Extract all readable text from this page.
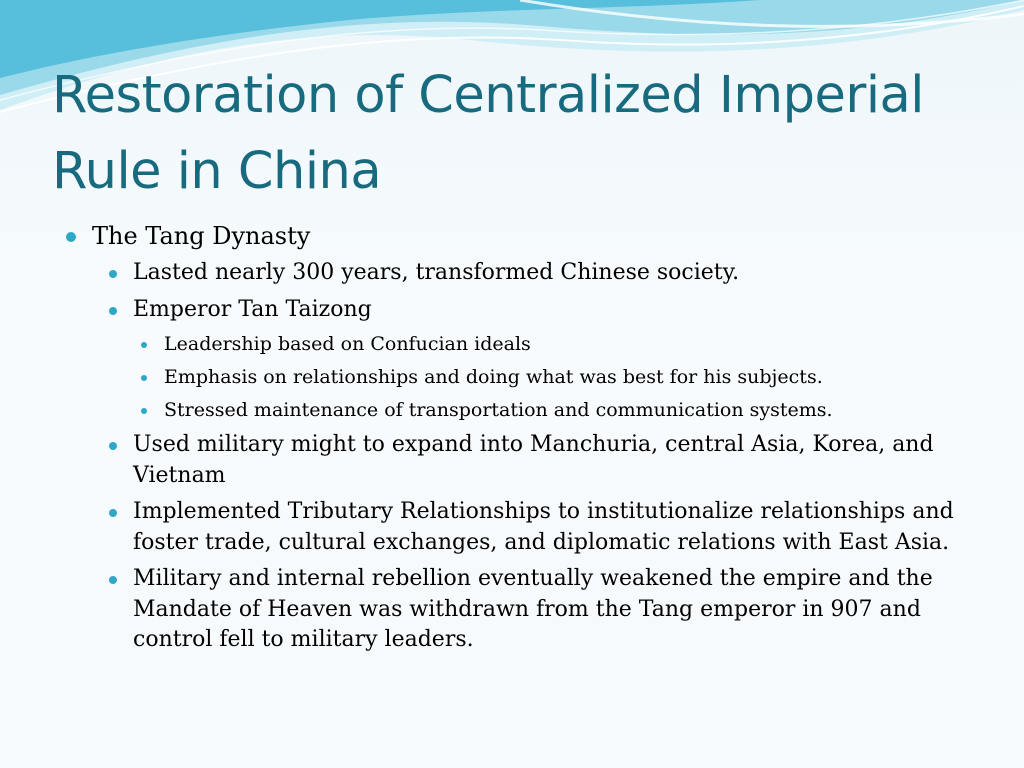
Restoration of Centralized Imperial Rule in China
The Tang Dynasty
Lasted nearly 300 years, transformed Chinese society.
Emperor Tan Taizong
Leadership based on Confucian ideals
Emphasis on relationships and doing what was best for his subjects.
Stressed maintenance of transportation and communication systems.
Used military might to expand into Manchuria, central Asia, Korea, and Vietnam
Implemented Tributary Relationships to institutionalize relationships and foster trade, cultural exchanges, and diplomatic relations with East Asia.
Military and internal rebellion eventually weakened the empire and the Mandate of Heaven was withdrawn from the Tang emperor in 907 and control fell to military leaders.
